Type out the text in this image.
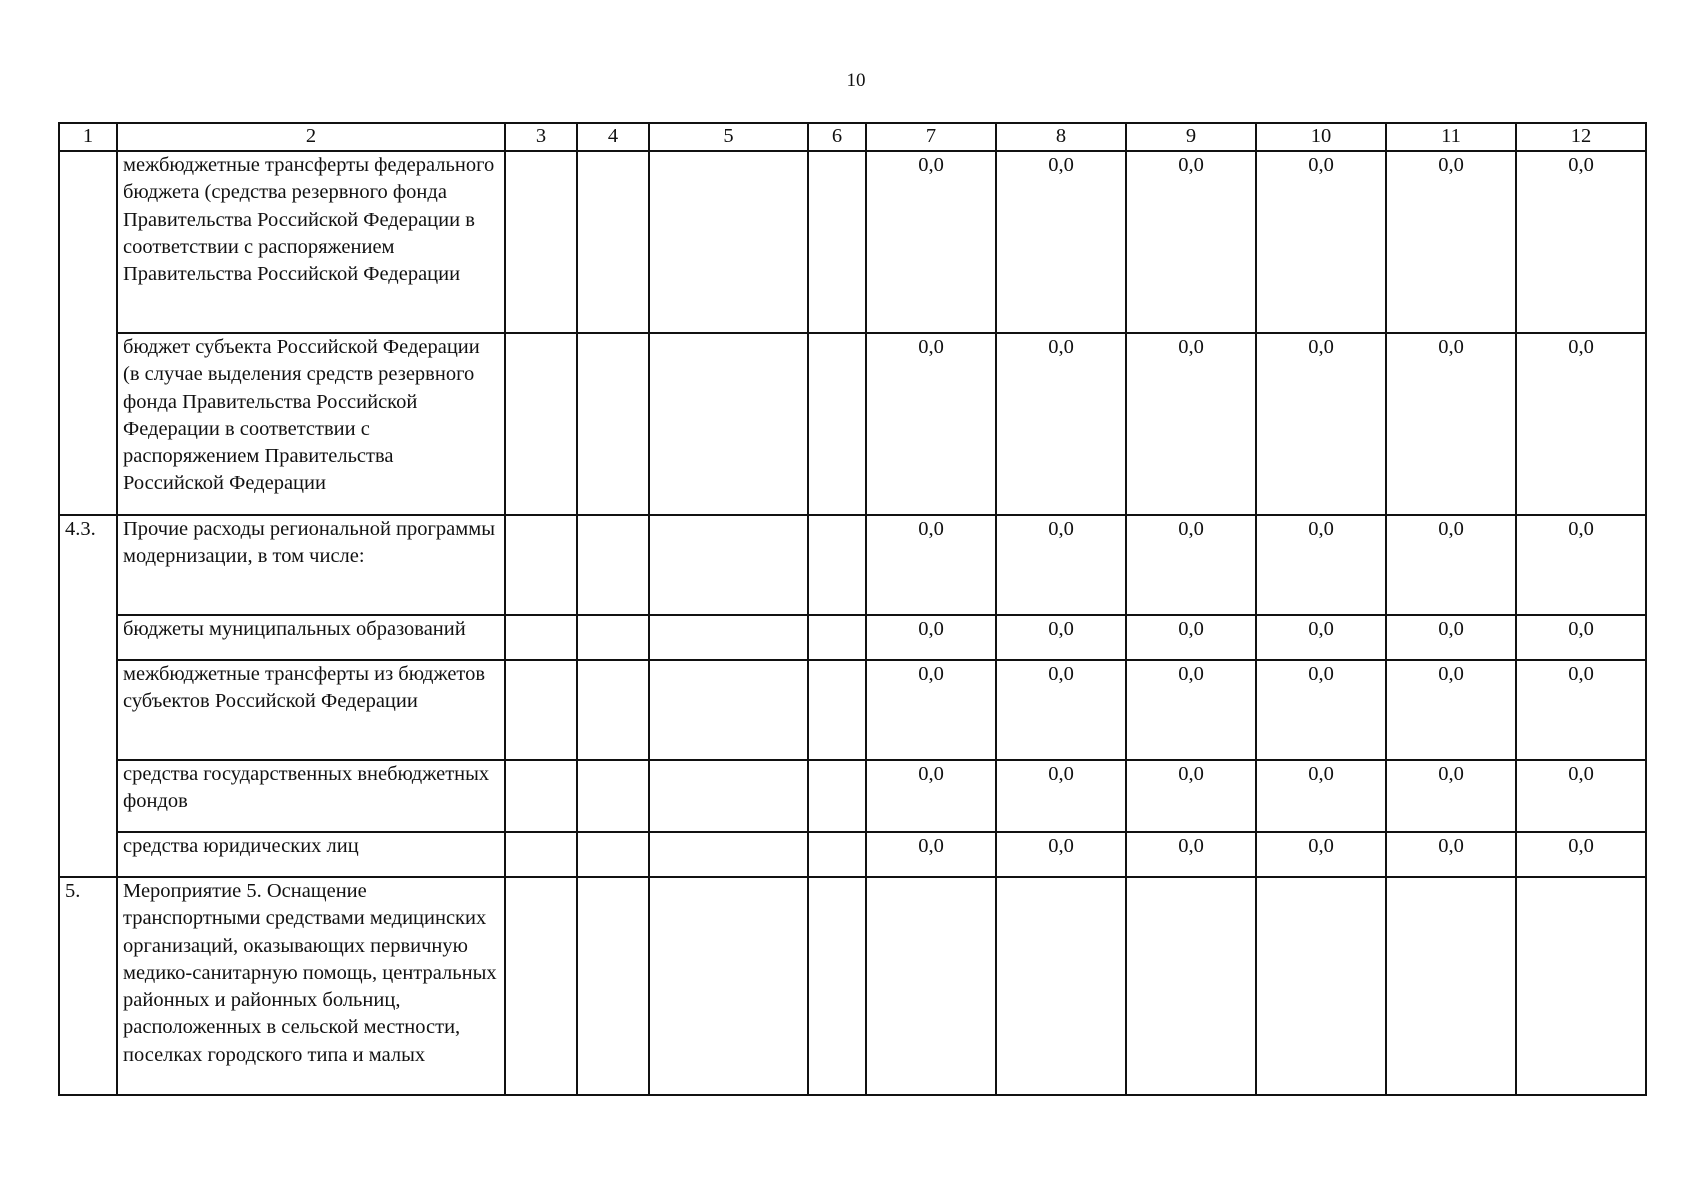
10
1	2	3	4	5	6	7	8	9	10	11	12
	межбюджетные трансферты федерального бюджета (средства резервного фонда Правительства Российской Федерации в соответствии с распоряжением Правительства Российской Федерации					0,0	0,0	0,0	0,0	0,0	0,0
	бюджет субъекта Российской Федерации (в случае выделения средств резервного фонда Правительства Российской Федерации в соответствии с распоряжением Правительства Российской Федерации					0,0	0,0	0,0	0,0	0,0	0,0
4.3.	Прочие расходы региональной программы модернизации, в том числе:					0,0	0,0	0,0	0,0	0,0	0,0
	бюджеты муниципальных образований					0,0	0,0	0,0	0,0	0,0	0,0
	межбюджетные трансферты из бюджетов субъектов Российской Федерации					0,0	0,0	0,0	0,0	0,0	0,0
	средства государственных внебюджетных фондов					0,0	0,0	0,0	0,0	0,0	0,0
	средства юридических лиц					0,0	0,0	0,0	0,0	0,0	0,0
5.	Мероприятие 5. Оснащение транспортными средствами медицинских организаций, оказывающих первичную медико-санитарную помощь, центральных районных и районных больниц, расположенных в сельской местности, поселках городского типа и малых										
